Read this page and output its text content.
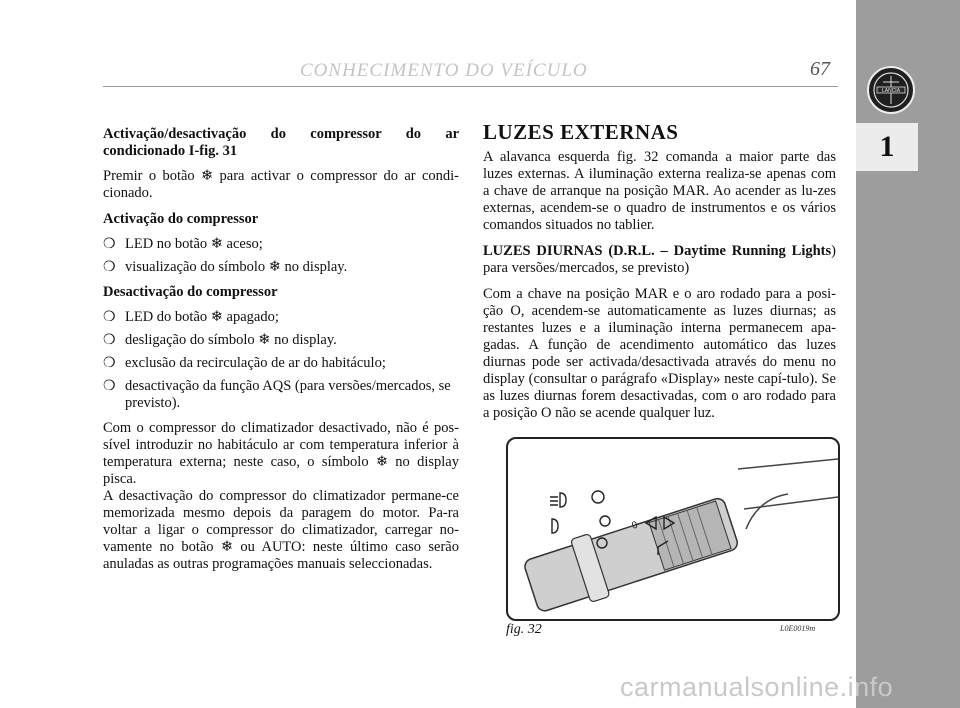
CONHECIMENTO DO VEÍCULO	67
LANCIA
1
Activação/desactivação do compressor do ar condicionado I-fig. 31

Premir o botão ❄ para activar o compressor do ar condi-cionado.

Activação do compressor
❍ LED no botão ❄ aceso;
❍ visualização do símbolo ❄ no display.
Desactivação do compressor
❍ LED do botão ❄ apagado;
❍ desligação do símbolo ❄ no display.
❍ exclusão da recirculação de ar do habitáculo;
❍ desactivação da função AQS (para versões/mercados, se previsto).

Com o compressor do climatizador desactivado, não é pos-sível introduzir no habitáculo ar com temperatura inferior à temperatura externa; neste caso, o símbolo ❄ no display pisca.

A desactivação do compressor do climatizador permane-ce memorizada mesmo depois da paragem do motor. Pa-ra voltar a ligar o compressor do climatizador, carregar no-vamente no botão ❄ ou AUTO: neste último caso serão anuladas as outras programações manuais seleccionadas.

LUZES EXTERNAS

A alavanca esquerda fig. 32 comanda a maior parte das luzes externas. A iluminação externa realiza-se apenas com a chave de arranque na posição MAR. Ao acender as lu-zes externas, acendem-se o quadro de instrumentos e os vários comandos situados no tablier.

LUZES DIURNAS (D.R.L. – Daytime Running Lights) para versões/mercados, se previsto)

Com a chave na posição MAR e o aro rodado para a posi-ção O, acendem-se automaticamente as luzes diurnas; as restantes luzes e a iluminação interna permanecem apa-gadas. A função de acendimento automático das luzes diurnas pode ser activada/desactivada através do menu no display (consultar o parágrafo «Display» neste capí-tulo). Se as luzes diurnas forem desactivadas, com o aro rodado para a posição O não se acende qualquer luz.

0
fig. 32	L0E0019m
carmanualsonline.info
